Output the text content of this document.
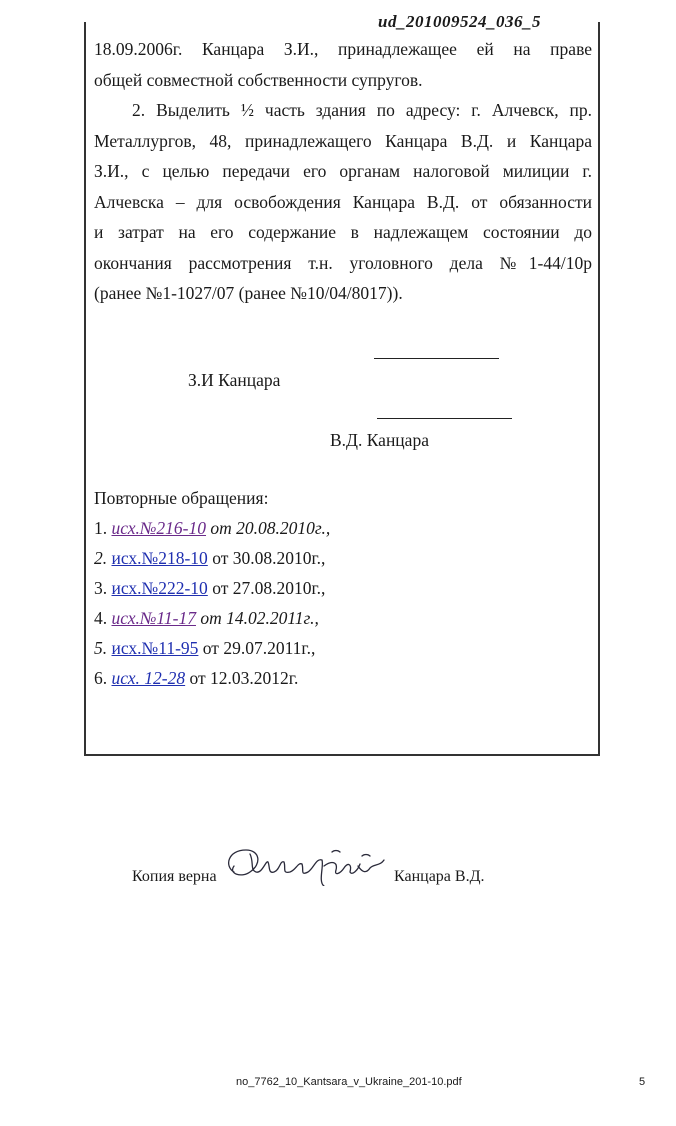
ud_201009524_036_5
18.09.2006г. Канцара З.И., принадлежащее ей на праве
общей совместной собственности супругов.
2. Выделить ½ часть здания по адресу: г. Алчевск, пр.
Металлургов, 48, принадлежащего Канцара В.Д. и Канцара
З.И., с целью передачи его органам налоговой милиции г.
Алчевска – для освобождения Канцара В.Д. от обязанности
и затрат на его содержание в надлежащем состоянии до
окончания рассмотрения т.н. уголовного дела №1-44/10р
(ранее №1-1027/07 (ранее №10/04/8017)).
З.И Канцара
В.Д. Канцара
Повторные обращения:
1. исх.№216-10 от 20.08.2010г.,
2. исх.№218-10 от 30.08.2010г.,
3. исх.№222-10 от 27.08.2010г.,
4. исх.№11-17 от 14.02.2011г.,
5. исх.№11-95 от 29.07.2011г.,
6. исх. 12-28 от 12.03.2012г.
Копия верна	Канцара В.Д.
no_7762_10_Kantsara_v_Ukraine_201-10.pdf	5
